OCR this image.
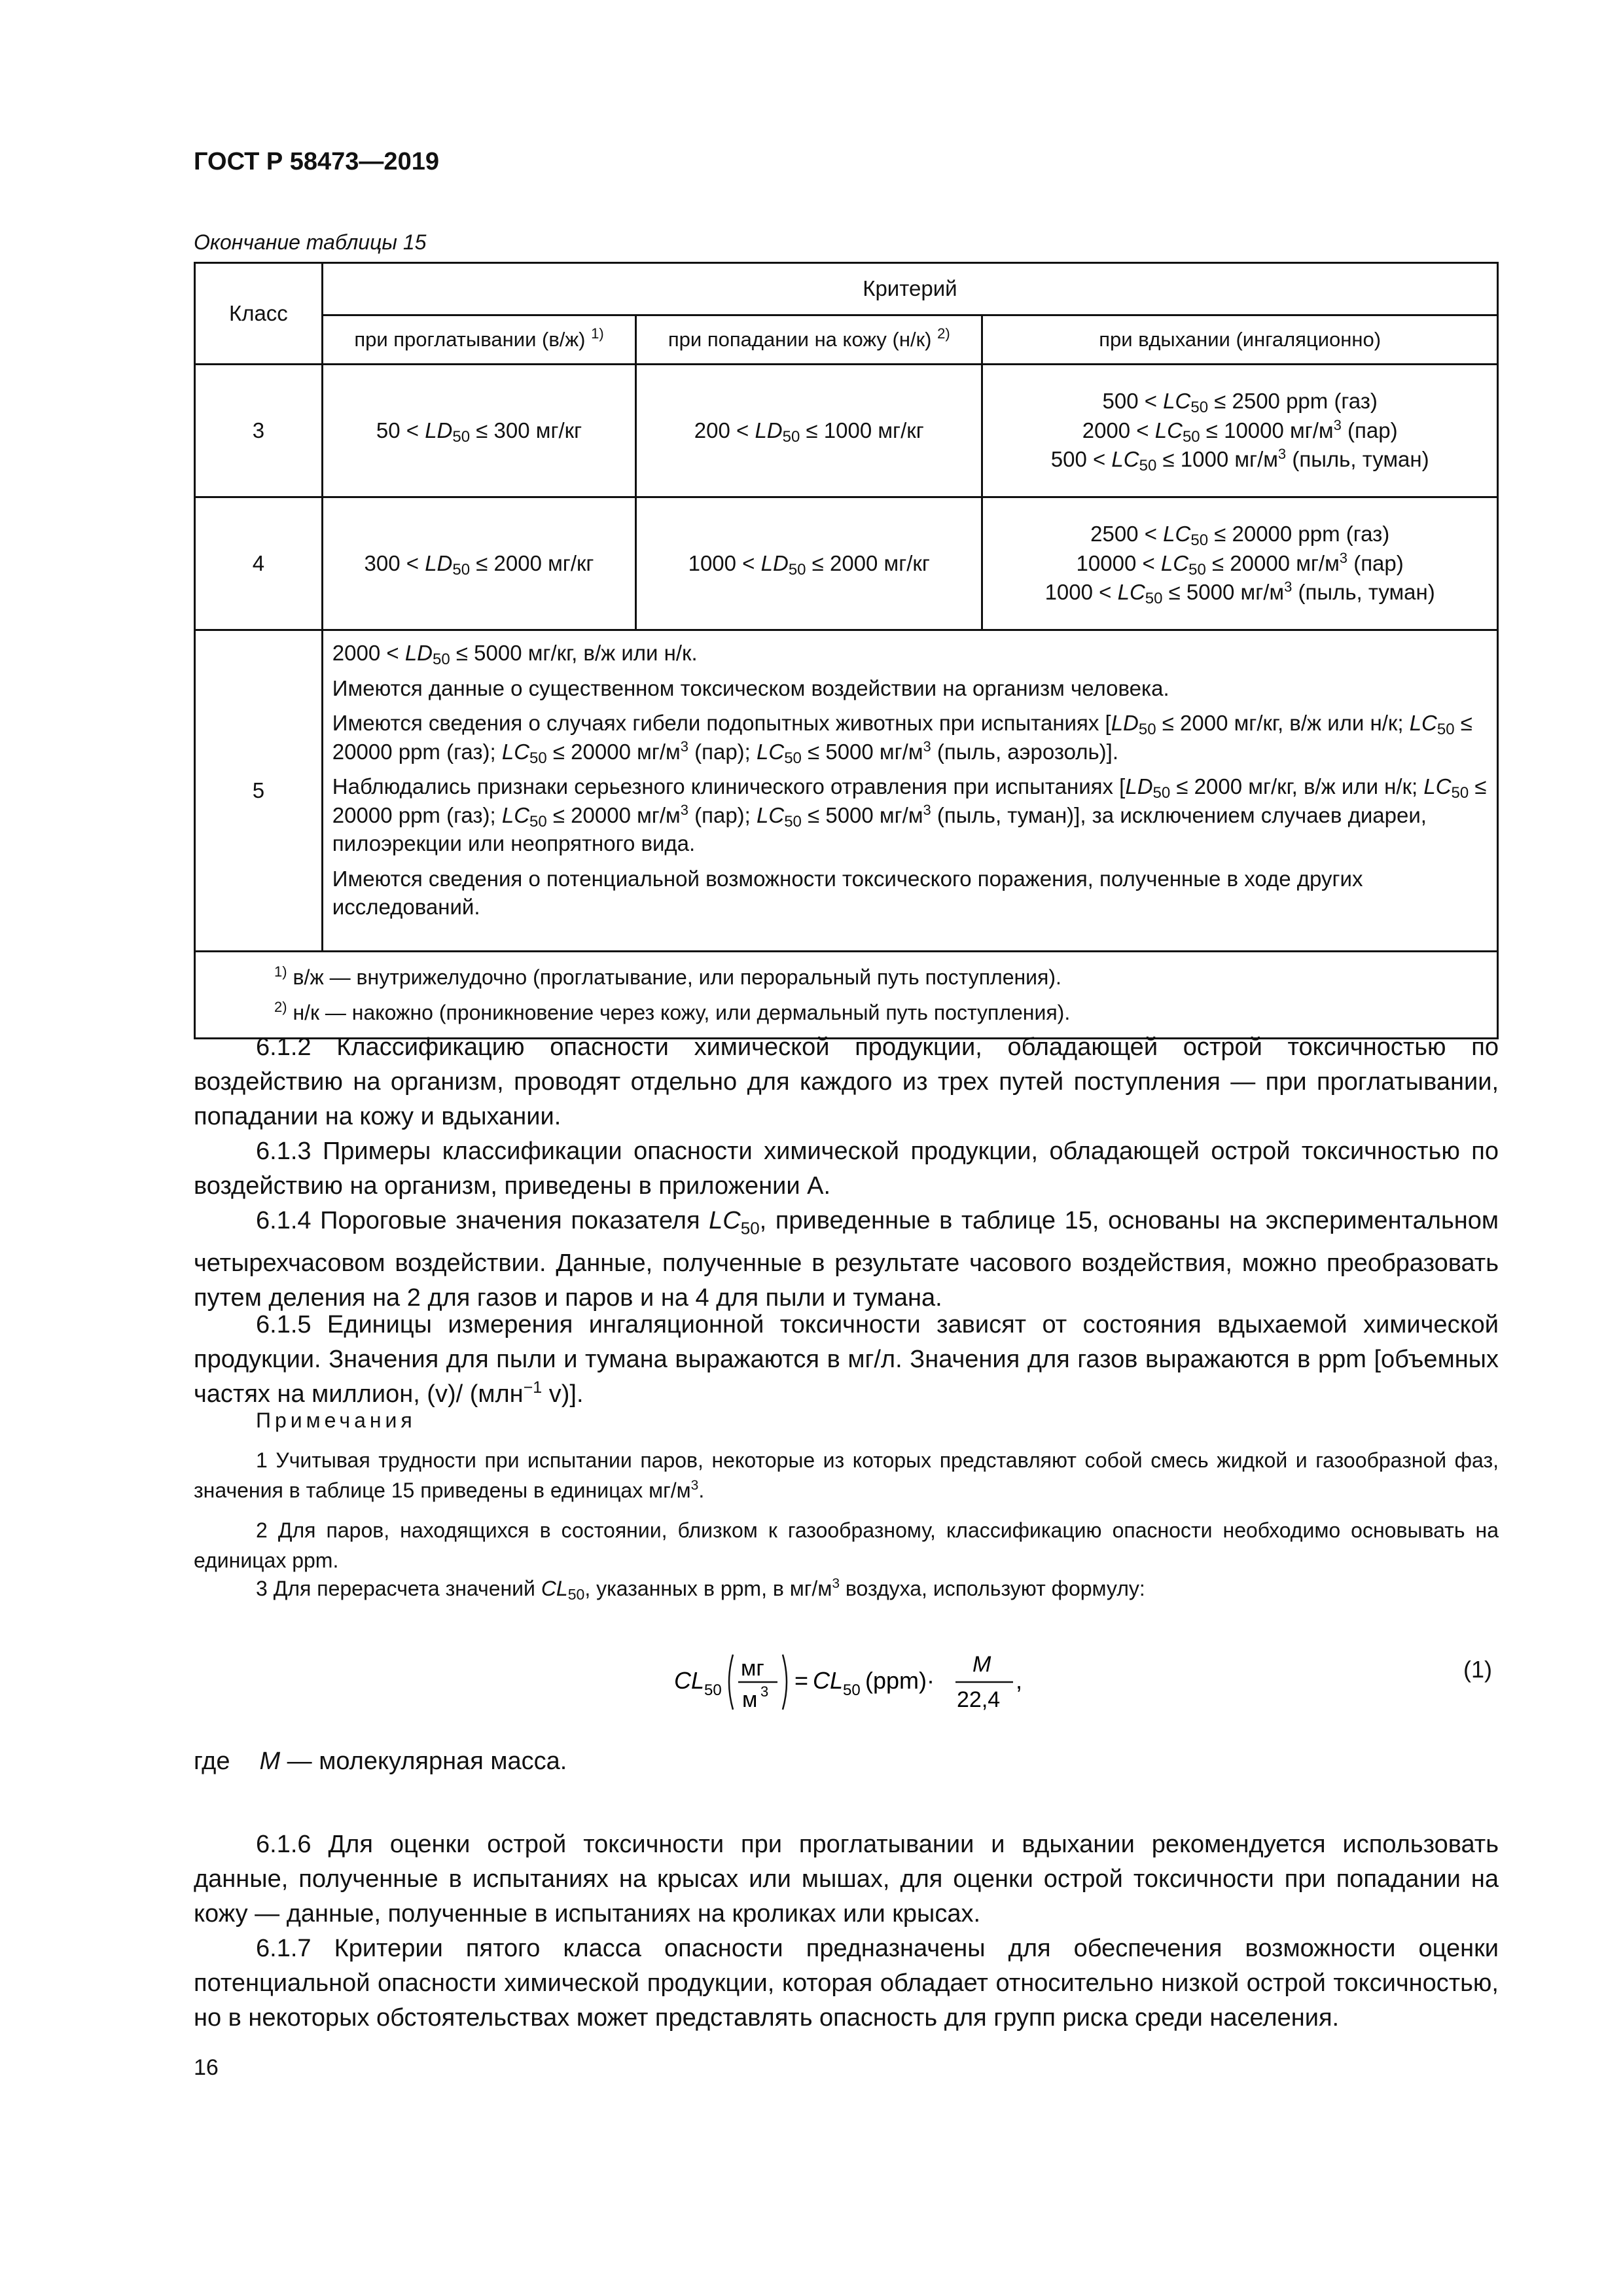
ГОСТ Р 58473—2019
Окончание таблицы 15
Класс	Критерий		
	при проглатывании (в/ж) $^{1)}$	при попадании на кожу (н/к) $^{2)}$	при вдыхании (ингаляционно)
3	$50 < LD_{50} \le 300$ мг/кг	$200 < LD_{50} \le 1000$ мг/кг	$500 < LC_{50} \le 2500$ ppm (газ)
$2000 < LC_{50} \le 10000$ $мг/м^3$ (пар)
$500 < LC_{50} \le 1000$ $мг/м^3$ (пыль, туман)

4	$300 < LD_{50} \le 2000$ мг/кг	$1000 < LD_{50} \le 2000$ мг/кг	$2500 < LC_{50} \le 20000$ ppm (газ)
$10000 < LC_{50} \le 20000$ $мг/м^3$ (пар)
$1000 < LC_{50} \le 5000$ $мг/м^3$ (пыль, туман)

5	$2000 < LD_{50} \le 5000$ мг/кг, в/ж или н/к.
Имеются данные о существенном токсическом воздействии на организм человека.
Имеются сведения о случаях гибели подопытных животных при испытаниях [$LD_{50} \le 2000$ мг/кг, в/ж или н/к; $LC_{50} \le 20000$ ppm (газ); $LC_{50} \le 20000$ $мг/м^3$ (пар); $LC_{50} \le 5000$ $мг/м^3$ (пыль, аэрозоль)].
Наблюдались признаки серьезного клинического отравления при испытаниях [$LD_{50} \le 2000$ мг/кг, в/ж или н/к; $LC_{50} \le 20000$ ppm (газ); $LC_{50} \le 20000$ $мг/м^3$ (пар); $LC_{50} \le 5000$ $мг/м^3$ (пыль, туман)], за исключением случаев диареи, пилоэрекции или неопрятного вида.
Имеются сведения о потенциальной возможности токсического поражения, полученные в ходе других исследований.		

$^{1)}$ в/ж — внутрижелудочно (проглатывание, или пероральный путь поступления).
$^{2)}$ н/к — накожно (проникновение через кожу, или дермальный путь поступления).			
6.1.2 Классификацию опасности химической продукции, обладающей острой токсичностью по воздействию на организм, проводят отдельно для каждого из трех путей поступления — при проглатывании, попадании на кожу и вдыхании.
6.1.3 Примеры классификации опасности химической продукции, обладающей острой токсичностью по воздействию на организм, приведены в приложении А.
6.1.4 Пороговые значения показателя $LC_{50}$, приведенные в таблице 15, основаны на экспериментальном четырехчасовом воздействии. Данные, полученные в результате часового воздействия, можно преобразовать путем деления на 2 для газов и паров и на 4 для пыли и тумана.
6.1.5 Единицы измерения ингаляционной токсичности зависят от состояния вдыхаемой химической продукции. Значения для пыли и тумана выражаются в мг/л. Значения для газов выражаются в ppm [объемных частях на миллион, (v)/ (млн$^{-1}$ v)].
Примечания
1 Учитывая трудности при испытании паров, некоторые из которых представляют собой смесь жидкой и газообразной фаз, значения в таблице 15 приведены в единицах $мг/м^3$.
2 Для паров, находящихся в состоянии, близком к газообразному, классификацию опасности необходимо основывать на единицах ppm.
3 Для перерасчета значений $CL_{50}$, указанных в ppm, в $мг/м^3$ воздуха, используют формулу:
CL 50
мг
м 3 = CL 50 (ppm)·
M
22,4
,	(1)
где M — молекулярная масса.
6.1.6 Для оценки острой токсичности при проглатывании и вдыхании рекомендуется использовать данные, полученные в испытаниях на крысах или мышах, для оценки острой токсичности при попадании на кожу — данные, полученные в испытаниях на кроликах или крысах.
6.1.7 Критерии пятого класса опасности предназначены для обеспечения возможности оценки потенциальной опасности химической продукции, которая обладает относительно низкой острой токсичностью, но в некоторых обстоятельствах может представлять опасность для групп риска среди населения.
16
